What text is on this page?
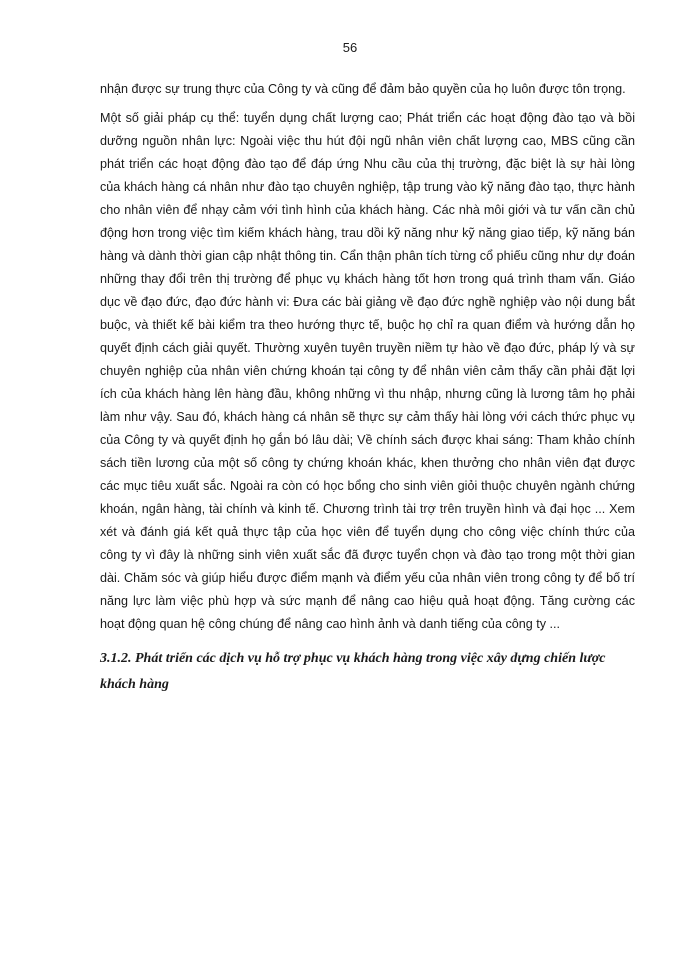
56

nhận được sự trung thực của Công ty và cũng để đảm bảo quyền của họ luôn được tôn trọng.

Một số giải pháp cụ thể: tuyển dụng chất lượng cao; Phát triển các hoạt động đào tạo và bồi dưỡng nguồn nhân lực: Ngoài việc thu hút đội ngũ nhân viên chất lượng cao, MBS cũng cần phát triển các hoạt động đào tạo để đáp ứng Nhu cầu của thị trường, đặc biệt là sự hài lòng của khách hàng cá nhân như đào tạo chuyên nghiệp, tập trung vào kỹ năng đào tạo, thực hành cho nhân viên để nhạy cảm với tình hình của khách hàng. Các nhà môi giới và tư vấn cần chủ động hơn trong việc tìm kiếm khách hàng, trau dồi kỹ năng như kỹ năng giao tiếp, kỹ năng bán hàng và dành thời gian cập nhật thông tin. Cẩn thận phân tích từng cổ phiếu cũng như dự đoán những thay đổi trên thị trường để phục vụ khách hàng tốt hơn trong quá trình tham vấn. Giáo dục về đạo đức, đạo đức hành vi: Đưa các bài giảng về đạo đức nghề nghiệp vào nội dung bắt buộc, và thiết kế bài kiểm tra theo hướng thực tế, buộc họ chỉ ra quan điểm và hướng dẫn họ quyết định cách giải quyết. Thường xuyên tuyên truyền niềm tự hào về đạo đức, pháp lý và sự chuyên nghiệp của nhân viên chứng khoán tại công ty để nhân viên cảm thấy cần phải đặt lợi ích của khách hàng lên hàng đầu, không những vì thu nhập, nhưng cũng là lương tâm họ phải làm như vậy. Sau đó, khách hàng cá nhân sẽ thực sự cảm thấy hài lòng với cách thức phục vụ của Công ty và quyết định họ gắn bó lâu dài; Về chính sách được khai sáng: Tham khảo chính sách tiền lương của một số công ty chứng khoán khác, khen thưởng cho nhân viên đạt được các mục tiêu xuất sắc. Ngoài ra còn có học bổng cho sinh viên giỏi thuộc chuyên ngành chứng khoán, ngân hàng, tài chính và kinh tế. Chương trình tài trợ trên truyền hình và đại học ... Xem xét và đánh giá kết quả thực tập của học viên để tuyển dụng cho công việc chính thức của công ty vì đây là những sinh viên xuất sắc đã được tuyển chọn và đào tạo trong một thời gian dài. Chăm sóc và giúp hiểu được điểm mạnh và điểm yếu của nhân viên trong công ty để bố trí năng lực làm việc phù hợp và sức mạnh để nâng cao hiệu quả hoạt động. Tăng cường các hoạt động quan hệ công chúng để nâng cao hình ảnh và danh tiếng của công ty ...

3.1.2. Phát triển các dịch vụ hỗ trợ phục vụ khách hàng trong việc xây dựng chiến lược khách hàng
